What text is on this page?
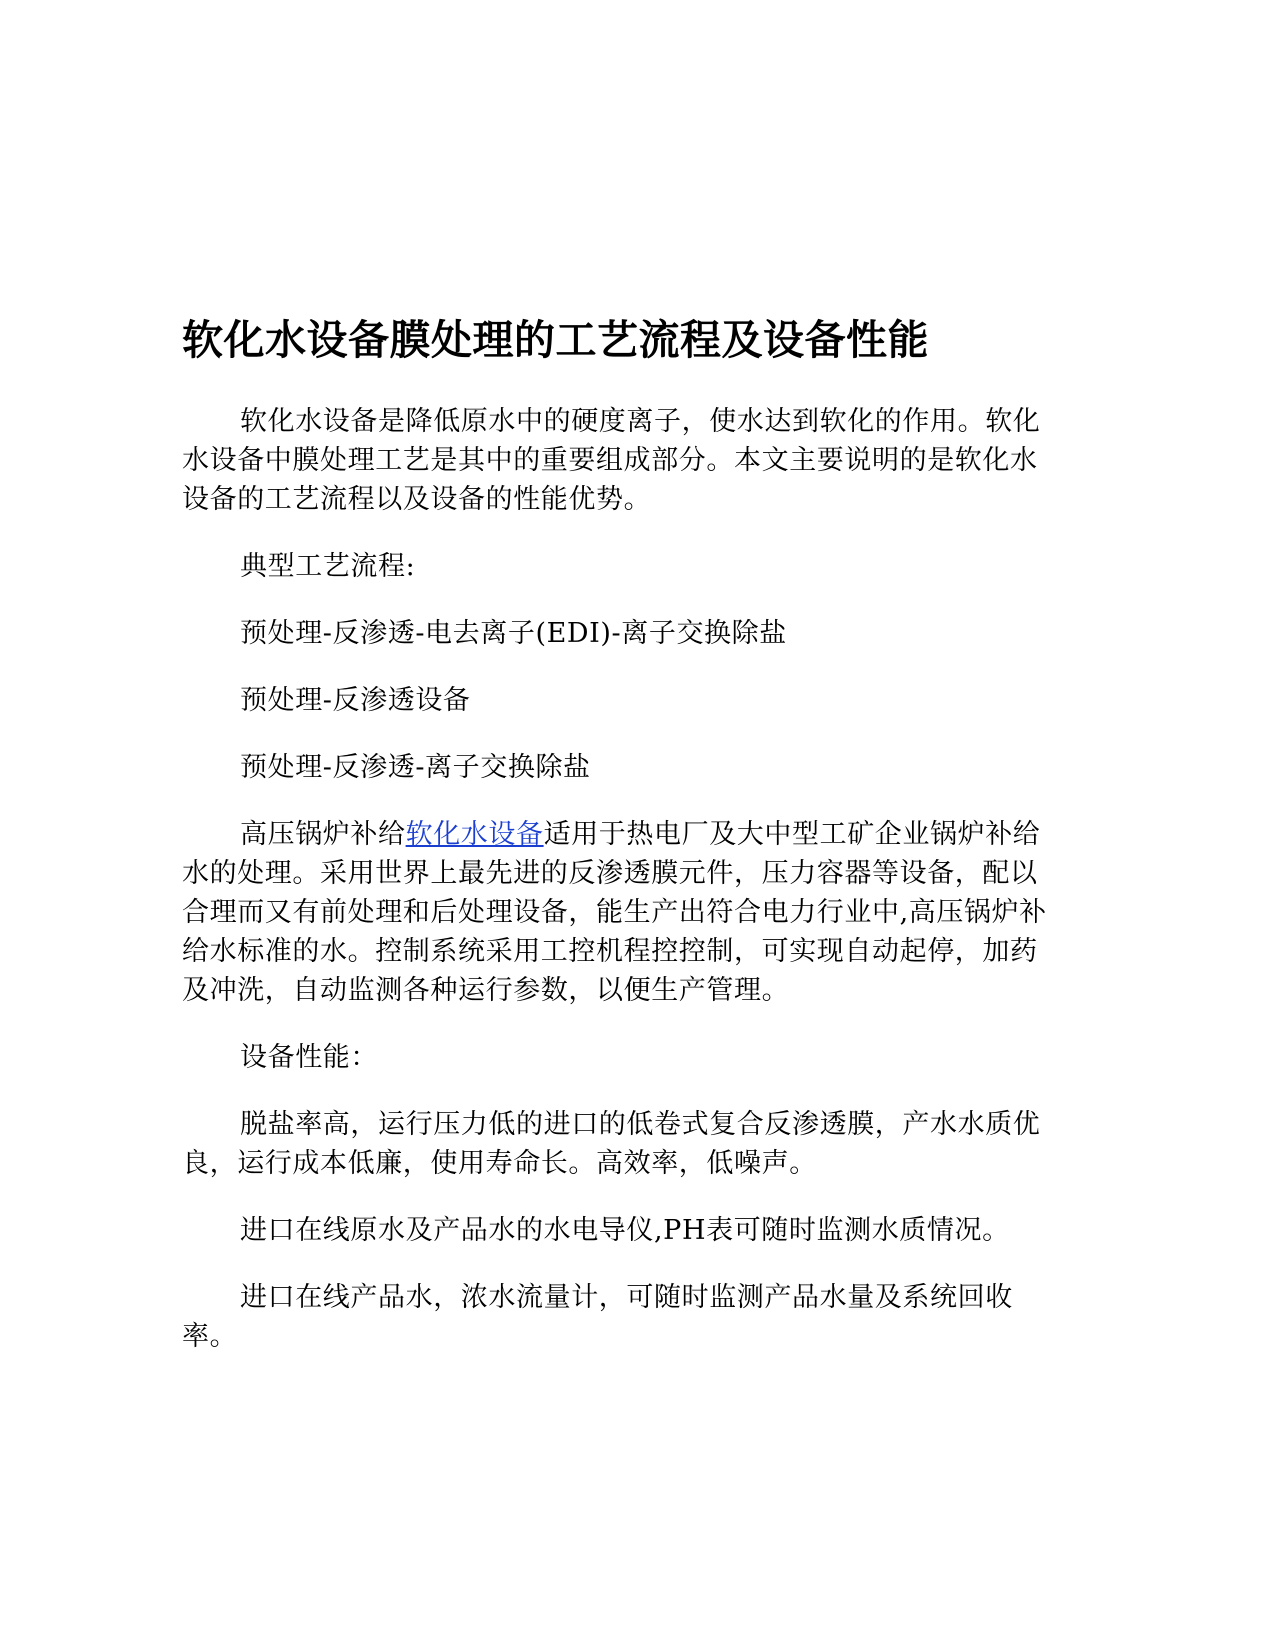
软化水设备膜处理的工艺流程及设备性能

软化水设备是降低原水中的硬度离子，使水达到软化的作用。软化水设备中膜处理工艺是其中的重要组成部分。本文主要说明的是软化水设备的工艺流程以及设备的性能优势。

典型工艺流程:

预处理-反渗透-电去离子(EDI)-离子交换除盐

预处理-反渗透设备

预处理-反渗透-离子交换除盐

高压锅炉补给软化水设备适用于热电厂及大中型工矿企业锅炉补给水的处理。采用世界上最先进的反渗透膜元件，压力容器等设备，配以合理而又有前处理和后处理设备，能生产出符合电力行业中,高压锅炉补给水标准的水。控制系统采用工控机程控控制，可实现自动起停，加药及冲洗，自动监测各种运行参数，以便生产管理。

设备性能：

脱盐率高，运行压力低的进口的低卷式复合反渗透膜，产水水质优良，运行成本低廉，使用寿命长。高效率，低噪声。

进口在线原水及产品水的水电导仪,PH表可随时监测水质情况。

进口在线产品水，浓水流量计，可随时监测产品水量及系统回收率。
